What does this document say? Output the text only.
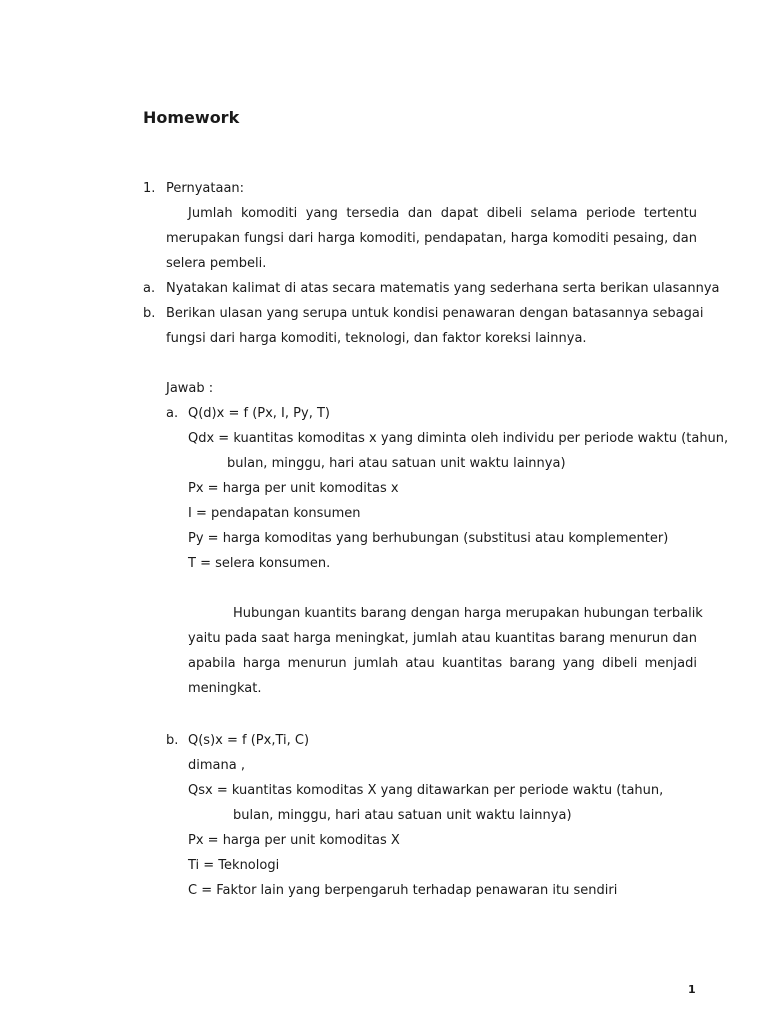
Homework
1. Pernyataan:
Jumlah komoditi yang tersedia dan dapat dibeli selama periode tertentu
merupakan fungsi dari harga komoditi, pendapatan, harga komoditi pesaing, dan
selera pembeli.
a. Nyatakan kalimat di atas secara matematis yang sederhana serta berikan ulasannya
b. Berikan ulasan yang serupa untuk kondisi penawaran dengan batasannya sebagai
fungsi dari harga komoditi, teknologi, dan faktor koreksi lainnya.
Jawab :
a. Q(d)x = f (Px, I, Py, T)
Qdx = kuantitas komoditas x yang diminta oleh individu per periode waktu (tahun,
bulan, minggu, hari atau satuan unit waktu lainnya)
Px = harga per unit komoditas x
I = pendapatan konsumen
Py = harga komoditas yang berhubungan (substitusi atau komplementer)
T = selera konsumen.
Hubungan kuantits barang dengan harga merupakan hubungan terbalik
yaitu pada saat harga meningkat, jumlah atau kuantitas barang menurun dan
apabila harga menurun jumlah atau kuantitas barang yang dibeli menjadi
meningkat.
b. Q(s)x = f (Px,Ti, C)
dimana ,
Qsx = kuantitas komoditas X yang ditawarkan per periode waktu (tahun,
bulan, minggu, hari atau satuan unit waktu lainnya)
Px = harga per unit komoditas X
Ti = Teknologi
C = Faktor lain yang berpengaruh terhadap penawaran itu sendiri
1
